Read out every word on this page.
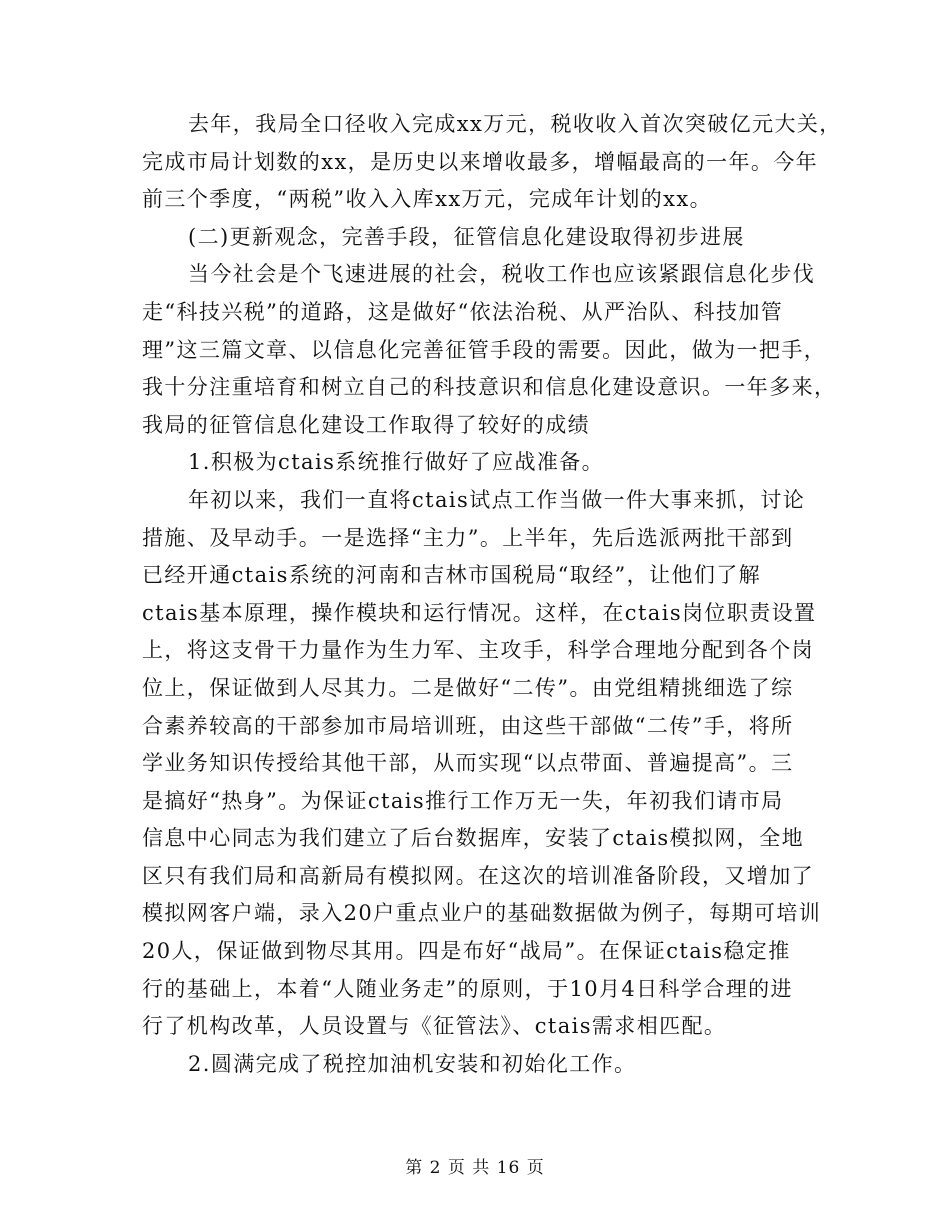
去年，我局全口径收入完成xx万元，税收收入首次突破亿元大关，
完成市局计划数的xx，是历史以来增收最多，增幅最高的一年。今年
前三个季度，“两税”收入入库xx万元，完成年计划的xx。
(二)更新观念，完善手段，征管信息化建设取得初步进展
当今社会是个飞速进展的社会，税收工作也应该紧跟信息化步伐
走“科技兴税”的道路，这是做好“依法治税、从严治队、科技加管
理”这三篇文章、以信息化完善征管手段的需要。因此，做为一把手，
我十分注重培育和树立自己的科技意识和信息化建设意识。一年多来，
我局的征管信息化建设工作取得了较好的成绩
1.积极为ctais系统推行做好了应战准备。
年初以来，我们一直将ctais试点工作当做一件大事来抓，讨论
措施、及早动手。一是选择“主力”。上半年，先后选派两批干部到
已经开通ctais系统的河南和吉林市国税局“取经”，让他们了解
ctais基本原理，操作模块和运行情况。这样，在ctais岗位职责设置
上，将这支骨干力量作为生力军、主攻手，科学合理地分配到各个岗
位上，保证做到人尽其力。二是做好“二传”。由党组精挑细选了综
合素养较高的干部参加市局培训班，由这些干部做“二传”手，将所
学业务知识传授给其他干部，从而实现“以点带面、普遍提高”。三
是搞好“热身”。为保证ctais推行工作万无一失，年初我们请市局
信息中心同志为我们建立了后台数据库，安装了ctais模拟网，全地
区只有我们局和高新局有模拟网。在这次的培训准备阶段，又增加了
模拟网客户端，录入20户重点业户的基础数据做为例子，每期可培训
20人，保证做到物尽其用。四是布好“战局”。在保证ctais稳定推
行的基础上，本着“人随业务走”的原则，于10月4日科学合理的进
行了机构改革，人员设置与《征管法》、ctais需求相匹配。
2.圆满完成了税控加油机安装和初始化工作。
第 2 页 共 16 页
